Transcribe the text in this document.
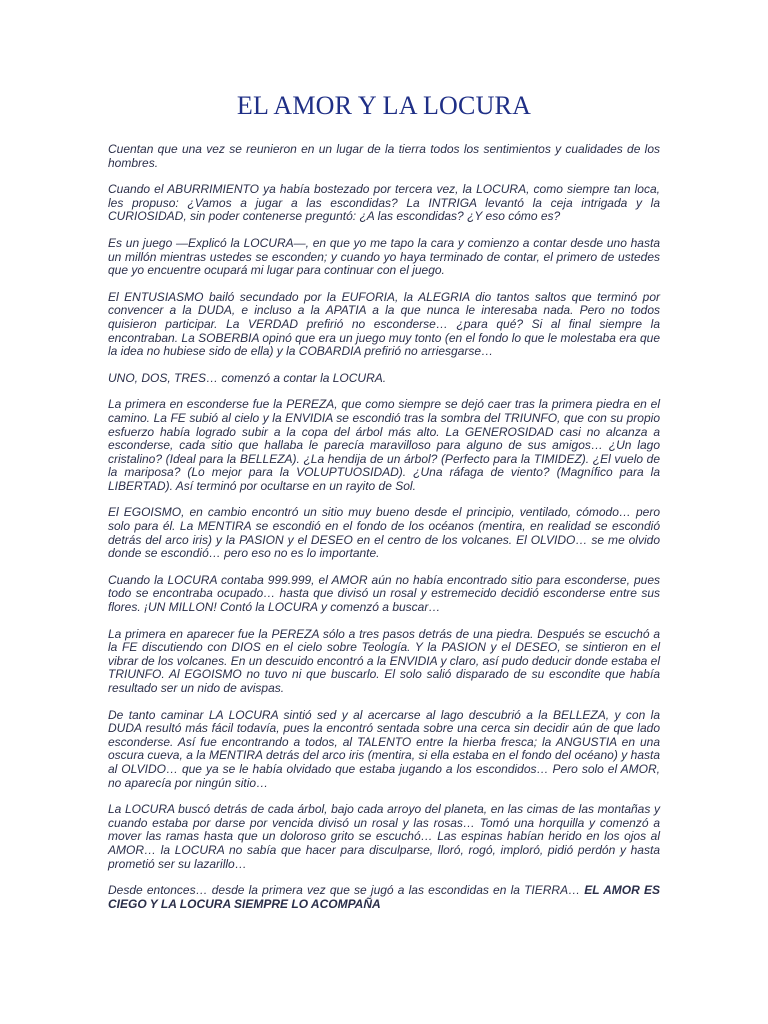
EL AMOR Y LA LOCURA

Cuentan que una vez se reunieron en un lugar de la tierra todos los sentimientos y cualidades de los hombres.

Cuando el ABURRIMIENTO ya había bostezado por tercera vez, la LOCURA, como siempre tan loca, les propuso: ¿Vamos a jugar a las escondidas? La INTRIGA levantó la ceja intrigada y la CURIOSIDAD, sin poder contenerse preguntó: ¿A las escondidas? ¿Y eso cómo es?

Es un juego —Explicó la LOCURA—, en que yo me tapo la cara y comienzo a contar desde uno hasta un millón mientras ustedes se esconden; y cuando yo haya terminado de contar, el primero de ustedes que yo encuentre ocupará mi lugar para continuar con el juego.

El ENTUSIASMO bailó secundado por la EUFORIA, la ALEGRIA dio tantos saltos que terminó por convencer a la DUDA, e incluso a la APATIA a la que nunca le interesaba nada. Pero no todos quisieron participar. La VERDAD prefirió no esconderse… ¿para qué? Si al final siempre la encontraban. La SOBERBIA opinó que era un juego muy tonto (en el fondo lo que le molestaba era que la idea no hubiese sido de ella) y la COBARDIA prefirió no arriesgarse…

UNO, DOS, TRES… comenzó a contar la LOCURA.

La primera en esconderse fue la PEREZA, que como siempre se dejó caer tras la primera piedra en el camino. La FE subió al cielo y la ENVIDIA se escondió tras la sombra del TRIUNFO, que con su propio esfuerzo había logrado subir a la copa del árbol más alto. La GENEROSIDAD casi no alcanza a esconderse, cada sitio que hallaba le parecía maravilloso para alguno de sus amigos… ¿Un lago cristalino? (Ideal para la BELLEZA). ¿La hendija de un árbol? (Perfecto para la TIMIDEZ). ¿El vuelo de la mariposa? (Lo mejor para la VOLUPTUOSIDAD). ¿Una ráfaga de viento? (Magnífico para la LIBERTAD). Así terminó por ocultarse en un rayito de Sol.

El EGOISMO, en cambio encontró un sitio muy bueno desde el principio, ventilado, cómodo… pero solo para él. La MENTIRA se escondió en el fondo de los océanos (mentira, en realidad se escondió detrás del arco iris) y la PASION y el DESEO en el centro de los volcanes. El OLVIDO… se me olvido donde se escondió… pero eso no es lo importante.

Cuando la LOCURA contaba 999.999, el AMOR aún no había encontrado sitio para esconderse, pues todo se encontraba ocupado… hasta que divisó un rosal y estremecido decidió esconderse entre sus flores. ¡UN MILLON! Contó la LOCURA y comenzó a buscar…

La primera en aparecer fue la PEREZA sólo a tres pasos detrás de una piedra. Después se escuchó a la FE discutiendo con DIOS en el cielo sobre Teología. Y la PASION y el DESEO, se sintieron en el vibrar de los volcanes. En un descuido encontró a la ENVIDIA y claro, así pudo deducir donde estaba el TRIUNFO. Al EGOISMO no tuvo ni que buscarlo. El solo salió disparado de su escondite que había resultado ser un nido de avispas.

De tanto caminar LA LOCURA sintió sed y al acercarse al lago descubrió a la BELLEZA, y con la DUDA resultó más fácil todavía, pues la encontró sentada sobre una cerca sin decidir aún de que lado esconderse. Así fue encontrando a todos, al TALENTO entre la hierba fresca; la ANGUSTIA en una oscura cueva, a la MENTIRA detrás del arco iris (mentira, si ella estaba en el fondo del océano) y hasta al OLVIDO… que ya se le había olvidado que estaba jugando a los escondidos… Pero solo el AMOR, no aparecía por ningún sitio…

La LOCURA buscó detrás de cada árbol, bajo cada arroyo del planeta, en las cimas de las montañas y cuando estaba por darse por vencida divisó un rosal y las rosas… Tomó una horquilla y comenzó a mover las ramas hasta que un doloroso grito se escuchó… Las espinas habían herido en los ojos al AMOR… la LOCURA no sabía que hacer para disculparse, lloró, rogó, imploró, pidió perdón y hasta prometió ser su lazarillo…

Desde entonces… desde la primera vez que se jugó a las escondidas en la TIERRA… EL AMOR ES CIEGO Y LA LOCURA SIEMPRE LO ACOMPAÑA
